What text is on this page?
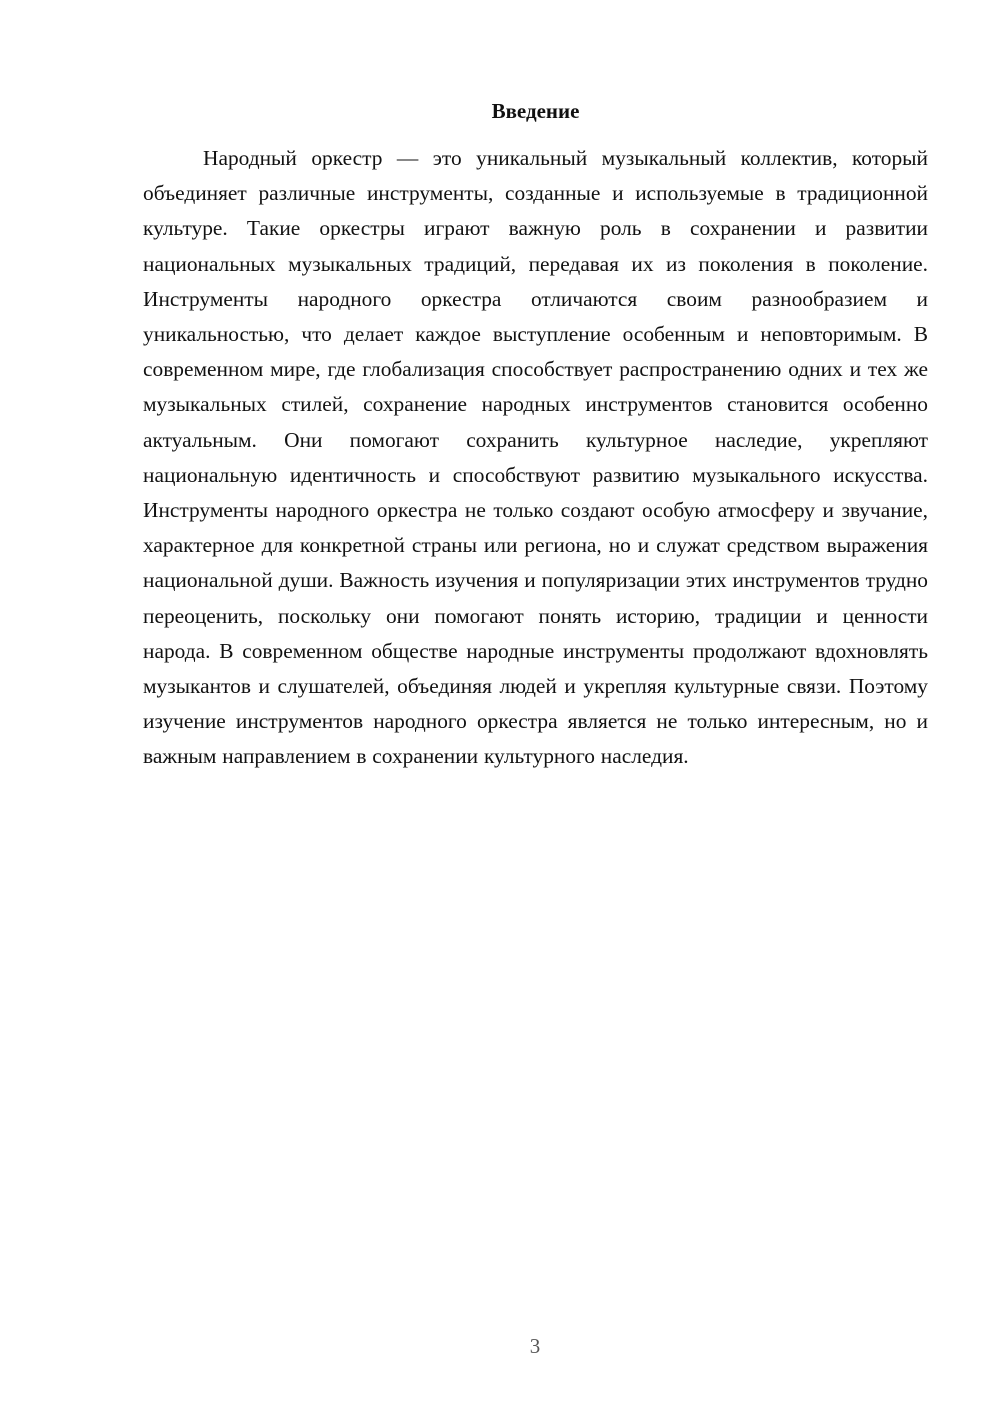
Введение

Народный оркестр — это уникальный музыкальный коллектив, который объединяет различные инструменты, созданные и используемые в традиционной культуре. Такие оркестры играют важную роль в сохранении и развитии национальных музыкальных традиций, передавая их из поколения в поколение. Инструменты народного оркестра отличаются своим разнообразием и уникальностью, что делает каждое выступление особенным и неповторимым. В современном мире, где глобализация способствует распространению одних и тех же музыкальных стилей, сохранение народных инструментов становится особенно актуальным. Они помогают сохранить культурное наследие, укрепляют национальную идентичность и способствуют развитию музыкального искусства. Инструменты народного оркестра не только создают особую атмосферу и звучание, характерное для конкретной страны или региона, но и служат средством выражения национальной души. Важность изучения и популяризации этих инструментов трудно переоценить, поскольку они помогают понять историю, традиции и ценности народа. В современном обществе народные инструменты продолжают вдохновлять музыкантов и слушателей, объединяя людей и укрепляя культурные связи. Поэтому изучение инструментов народного оркестра является не только интересным, но и важным направлением в сохранении культурного наследия.

3
